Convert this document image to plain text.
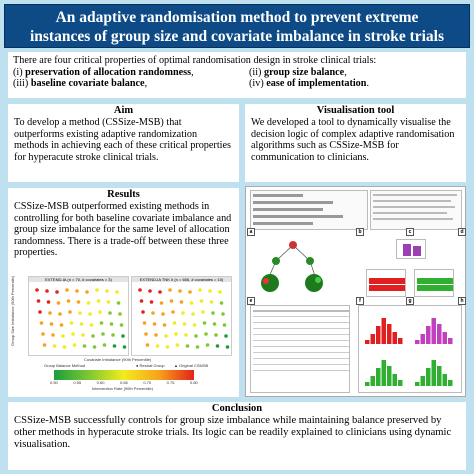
An adaptive randomisation method to prevent extreme
instances of group size and covariate imbalance in stroke trials
There are four critical properties of optimal randomisation design in stroke clinical trials:
(i) preservation of allocation randomness,	(ii) group size balance,
(iii) baseline covariate balance,	(iv) ease of implementation.
Aim
To develop a method (CSSize-MSB) that outperforms existing adaptive randomization methods in achieving each of these critical properties for hyperacute stroke clinical trials.
Visualisation tool
We developed a tool to dynamically visualise the decision logic of complex adaptive randomisation algorithms such as CSSize-MSB for communication to clinicians.
Results
CSSize-MSB outperformed existing methods in controlling for both baseline covariate imbalance and group size imbalance for the same level of allocation randomness. There is a trade-off between these three properties.
EXTEND-IA (n = 70, # covariates = 3)	EXTEND-IA TNK II (n = 656, # covariates = 10)
Group Size Imbalance (90th Percentile)
Covariate Imbalance (90th Percentile)
Group Balance Method	● Restrat Group ▲ Original CSMSB
0.50	0.55	0.60	0.65	0.70	0.75	0.80
Intervention Rate (90th Percentile)
a	b	c	d
e	f	g	h
Conclusion
CSSize-MSB successfully controls for group size imbalance while maintaining balance preserved by other methods in hyperacute stroke trials. Its logic can be readily explained to clinicians using dynamic visualisation.
